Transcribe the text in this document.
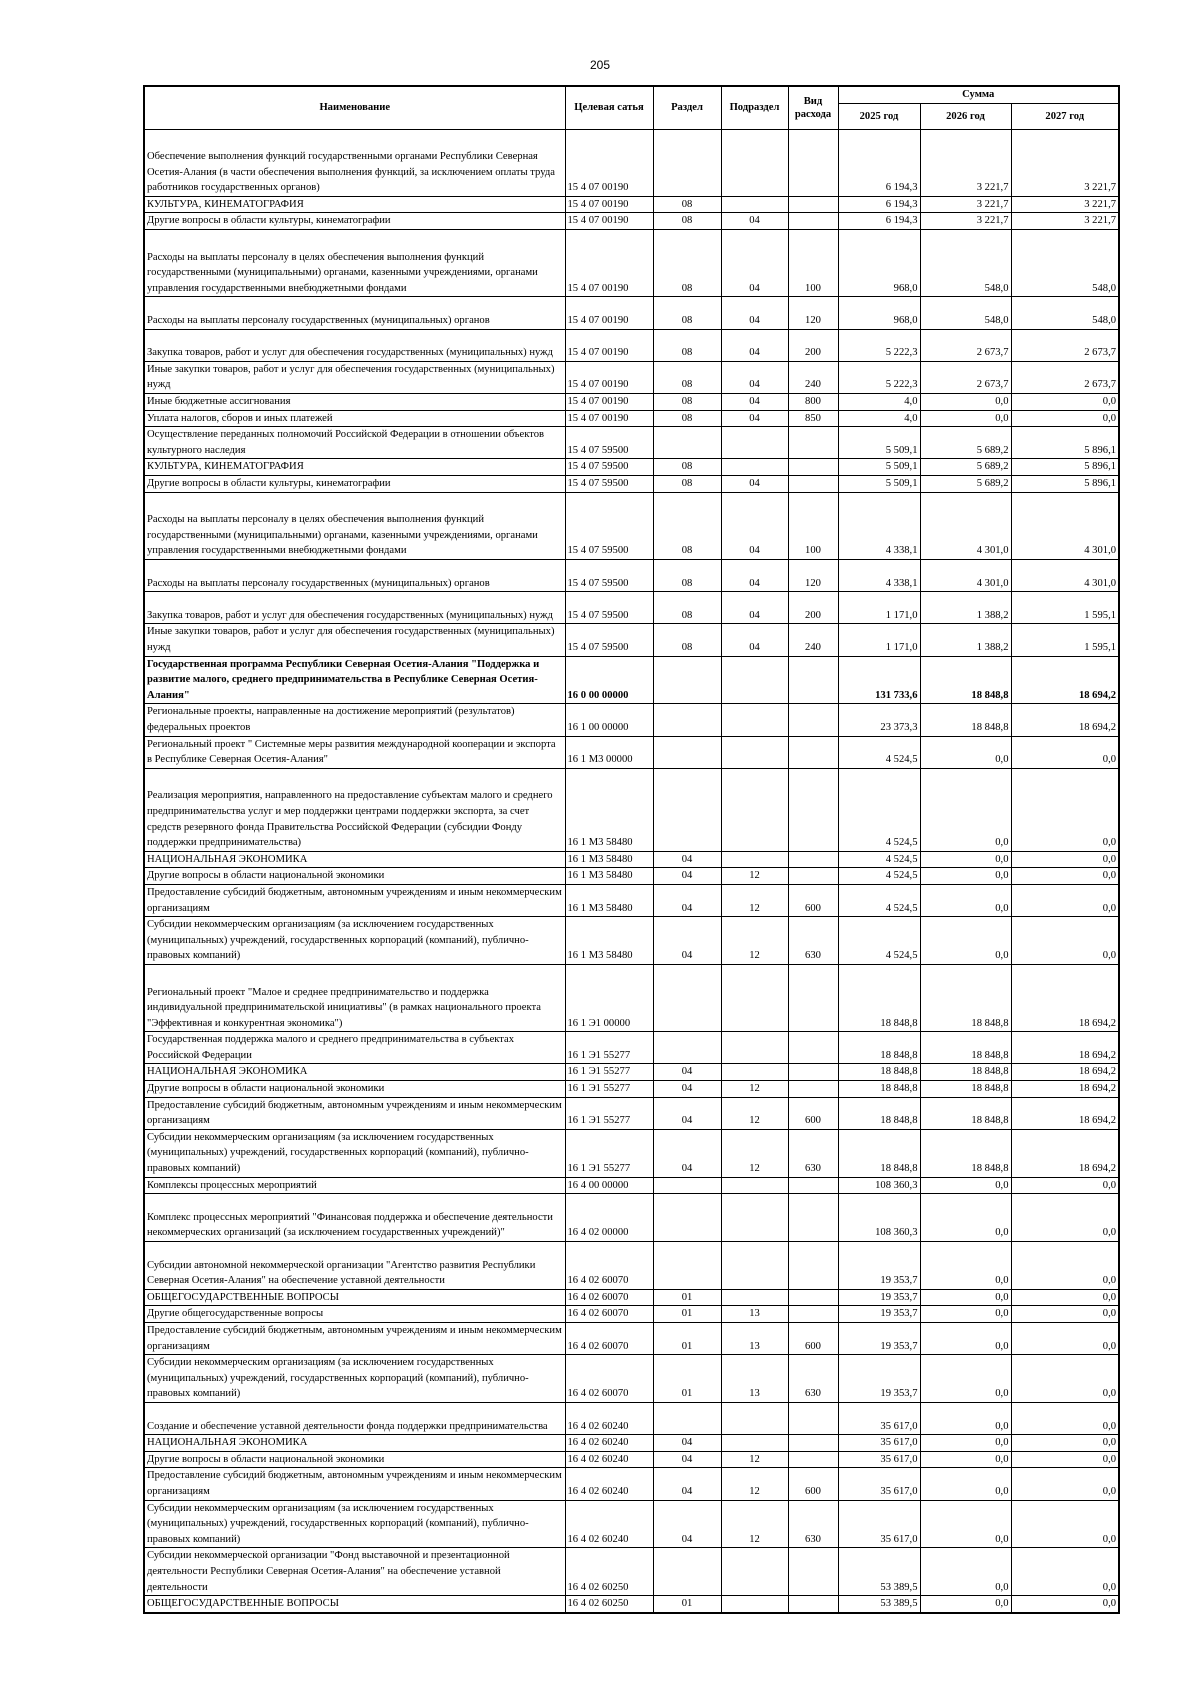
205
Наименование	Целевая сатья	Раздел	Подраздел	Вид расхода	Сумма		
					2025 год	2026 год	2027 год
Обеспечение выполнения функций государственными органами Республики Северная Осетия-Алания (в части обеспечения выполнения функций, за исключением оплаты труда работников государственных органов)	15 4 07 00190				6 194,3	3 221,7	3 221,7
КУЛЬТУРА, КИНЕМАТОГРАФИЯ	15 4 07 00190	08			6 194,3	3 221,7	3 221,7
Другие вопросы в области культуры, кинематографии	15 4 07 00190	08	04		6 194,3	3 221,7	3 221,7
Расходы на выплаты персоналу в целях обеспечения выполнения функций государственными (муниципальными) органами, казенными учреждениями, органами управления государственными внебюджетными фондами	15 4 07 00190	08	04	100	968,0	548,0	548,0
Расходы на выплаты персоналу государственных (муниципальных) органов	15 4 07 00190	08	04	120	968,0	548,0	548,0
Закупка товаров, работ и услуг для обеспечения государственных (муниципальных) нужд	15 4 07 00190	08	04	200	5 222,3	2 673,7	2 673,7
Иные закупки товаров, работ и услуг для обеспечения государственных (муниципальных) нужд	15 4 07 00190	08	04	240	5 222,3	2 673,7	2 673,7
Иные бюджетные ассигнования	15 4 07 00190	08	04	800	4,0	0,0	0,0
Уплата налогов, сборов и иных платежей	15 4 07 00190	08	04	850	4,0	0,0	0,0
Осуществление переданных полномочий Российской Федерации в отношении объектов культурного наследия	15 4 07 59500				5 509,1	5 689,2	5 896,1
КУЛЬТУРА, КИНЕМАТОГРАФИЯ	15 4 07 59500	08			5 509,1	5 689,2	5 896,1
Другие вопросы в области культуры, кинематографии	15 4 07 59500	08	04		5 509,1	5 689,2	5 896,1
Расходы на выплаты персоналу в целях обеспечения выполнения функций государственными (муниципальными) органами, казенными учреждениями, органами управления государственными внебюджетными фондами	15 4 07 59500	08	04	100	4 338,1	4 301,0	4 301,0
Расходы на выплаты персоналу государственных (муниципальных) органов	15 4 07 59500	08	04	120	4 338,1	4 301,0	4 301,0
Закупка товаров, работ и услуг для обеспечения государственных (муниципальных) нужд	15 4 07 59500	08	04	200	1 171,0	1 388,2	1 595,1
Иные закупки товаров, работ и услуг для обеспечения государственных (муниципальных) нужд	15 4 07 59500	08	04	240	1 171,0	1 388,2	1 595,1
Государственная программа Республики Северная Осетия-Алания "Поддержка и развитие малого, среднего предпринимательства в Республике Северная Осетия-Алания"	16 0 00 00000				131 733,6	18 848,8	18 694,2
Региональные проекты, направленные на достижение мероприятий (результатов) федеральных проектов	16 1 00 00000				23 373,3	18 848,8	18 694,2
Региональный проект " Системные меры развития международной кооперации и экспорта в Республике Северная Осетия-Алания"	16 1 M3 00000				4 524,5	0,0	0,0
Реализация мероприятия, направленного на предоставление субъектам малого и среднего предпринимательства услуг и мер поддержки центрами поддержки экспорта, за счет средств резервного фонда Правительства Российской Федерации (субсидии Фонду поддержки предпринимательства)	16 1 M3 58480				4 524,5	0,0	0,0
НАЦИОНАЛЬНАЯ ЭКОНОМИКА	16 1 M3 58480	04			4 524,5	0,0	0,0
Другие вопросы в области национальной экономики	16 1 M3 58480	04	12		4 524,5	0,0	0,0
Предоставление субсидий бюджетным, автономным учреждениям и иным некоммерческим организациям	16 1 M3 58480	04	12	600	4 524,5	0,0	0,0
Субсидии некоммерческим организациям (за исключением государственных (муниципальных) учреждений, государственных корпораций (компаний), публично-правовых компаний)	16 1 M3 58480	04	12	630	4 524,5	0,0	0,0
Региональный проект "Малое и среднее предпринимательство и поддержка индивидуальной предпринимательской инициативы" (в рамках национального проекта "Эффективная и конкурентная экономика")	16 1 Э1 00000				18 848,8	18 848,8	18 694,2
Государственная поддержка малого и среднего предпринимательства в субъектах Российской Федерации	16 1 Э1 55277				18 848,8	18 848,8	18 694,2
НАЦИОНАЛЬНАЯ ЭКОНОМИКА	16 1 Э1 55277	04			18 848,8	18 848,8	18 694,2
Другие вопросы в области национальной экономики	16 1 Э1 55277	04	12		18 848,8	18 848,8	18 694,2
Предоставление субсидий бюджетным, автономным учреждениям и иным некоммерческим организациям	16 1 Э1 55277	04	12	600	18 848,8	18 848,8	18 694,2
Субсидии некоммерческим организациям (за исключением государственных (муниципальных) учреждений, государственных корпораций (компаний), публично-правовых компаний)	16 1 Э1 55277	04	12	630	18 848,8	18 848,8	18 694,2
Комплексы процессных мероприятий	16 4 00 00000				108 360,3	0,0	0,0
Комплекс процессных мероприятий "Финансовая поддержка и обеспечение деятельности некоммерческих организаций (за исключением государственных учреждений)"	16 4 02 00000				108 360,3	0,0	0,0
Субсидии автономной некоммерческой организации "Агентство развития Республики Северная Осетия-Алания" на обеспечение уставной деятельности	16 4 02 60070				19 353,7	0,0	0,0
ОБЩЕГОСУДАРСТВЕННЫЕ ВОПРОСЫ	16 4 02 60070	01			19 353,7	0,0	0,0
Другие общегосударственные вопросы	16 4 02 60070	01	13		19 353,7	0,0	0,0
Предоставление субсидий бюджетным, автономным учреждениям и иным некоммерческим организациям	16 4 02 60070	01	13	600	19 353,7	0,0	0,0
Субсидии некоммерческим организациям (за исключением государственных (муниципальных) учреждений, государственных корпораций (компаний), публично-правовых компаний)	16 4 02 60070	01	13	630	19 353,7	0,0	0,0
Создание и обеспечение уставной деятельности фонда поддержки предпринимательства	16 4 02 60240				35 617,0	0,0	0,0
НАЦИОНАЛЬНАЯ ЭКОНОМИКА	16 4 02 60240	04			35 617,0	0,0	0,0
Другие вопросы в области национальной экономики	16 4 02 60240	04	12		35 617,0	0,0	0,0
Предоставление субсидий бюджетным, автономным учреждениям и иным некоммерческим организациям	16 4 02 60240	04	12	600	35 617,0	0,0	0,0
Субсидии некоммерческим организациям (за исключением государственных (муниципальных) учреждений, государственных корпораций (компаний), публично-правовых компаний)	16 4 02 60240	04	12	630	35 617,0	0,0	0,0
Субсидии некоммерческой организации "Фонд выставочной и презентационной деятельности Республики Северная Осетия-Алания" на обеспечение уставной деятельности	16 4 02 60250				53 389,5	0,0	0,0
ОБЩЕГОСУДАРСТВЕННЫЕ ВОПРОСЫ	16 4 02 60250	01			53 389,5	0,0	0,0
